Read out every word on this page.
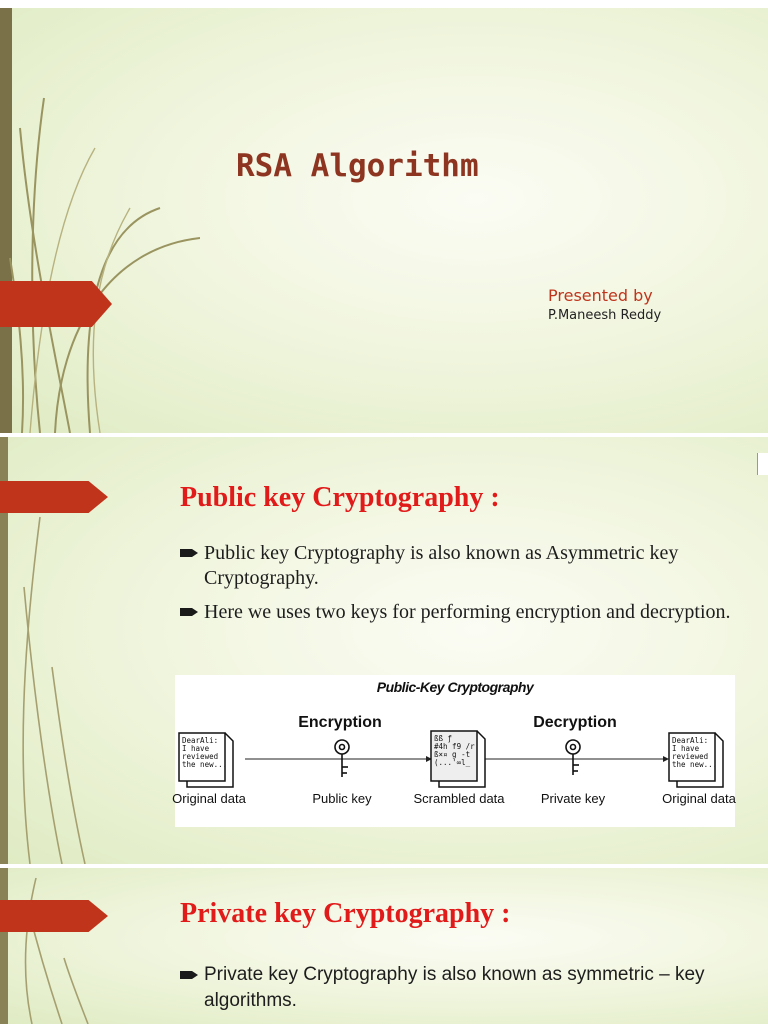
RSA Algorithm
Presented by
P.Maneesh Reddy
Public key Cryptography :
Public key Cryptography is also known as Asymmetric key Cryptography.
Here we uses two keys for performing encryption and decryption.
Public-Key Cryptography
Encryption	Decryption
DearAli:
I have
reviewed
the new...
ßß ƒ
#4h f9 /r
ß×¤ g -t
(...'∞l_
DearAli:
I have
reviewed
the new...
Original data	Public key	Scrambled data	Private key	Original data
Private key Cryptography :
Private key Cryptography is also known as symmetric – key algorithms.
